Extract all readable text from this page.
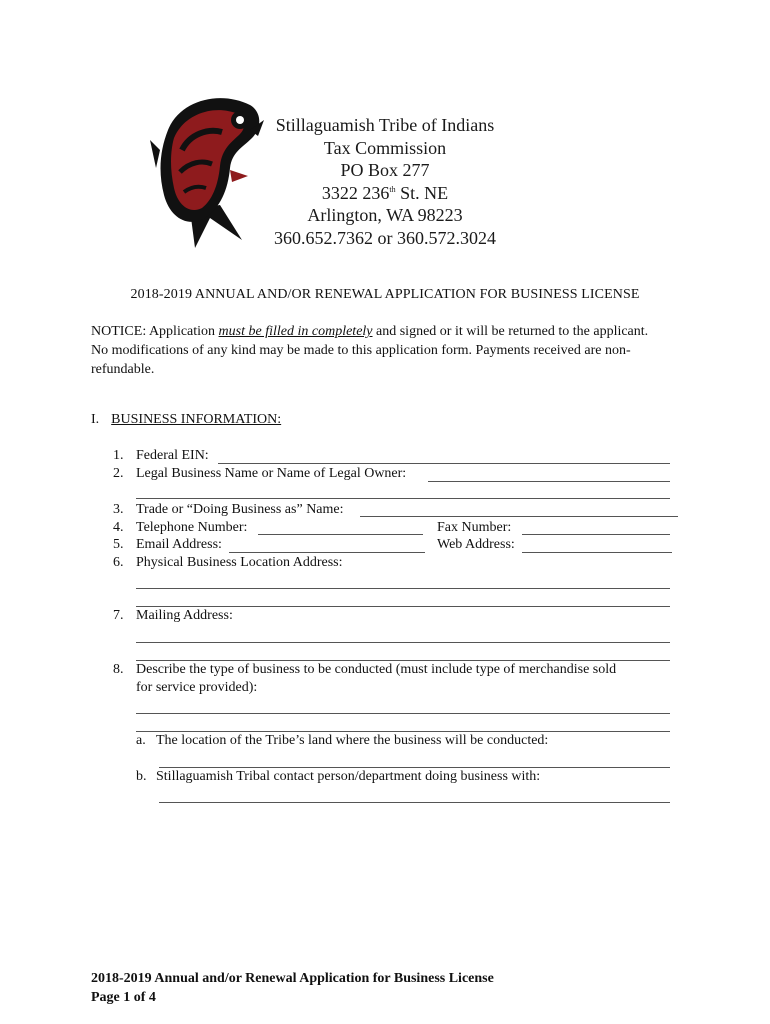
Stillaguamish Tribe of Indians
Tax Commission
PO Box 277
3322 236th St. NE
Arlington, WA 98223
360.652.7362 or 360.572.3024
2018-2019 ANNUAL AND/OR RENEWAL APPLICATION FOR BUSINESS LICENSE
NOTICE: Application must be filled in completely and signed or it will be returned to the applicant. No modifications of any kind may be made to this application form. Payments received are non-refundable.
I. BUSINESS INFORMATION:
1. Federal EIN:
2. Legal Business Name or Name of Legal Owner:
3. Trade or “Doing Business as” Name:
4. Telephone Number:	Fax Number:
5. Email Address:	Web Address:
6. Physical Business Location Address:
7. Mailing Address:
8. Describe the type of business to be conducted (must include type of merchandise sold
for service provided):
a. The location of the Tribe’s land where the business will be conducted:
b. Stillaguamish Tribal contact person/department doing business with:
2018-2019 Annual and/or Renewal Application for Business License
Page 1 of 4
